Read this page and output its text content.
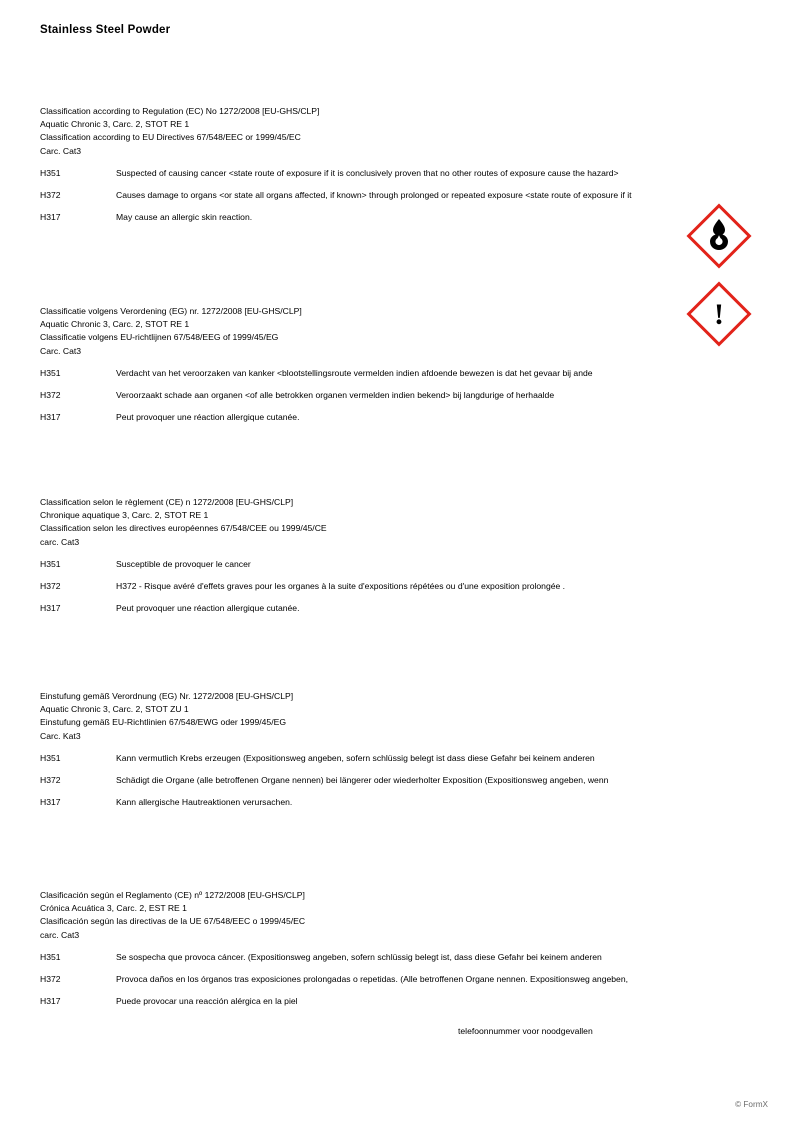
Stainless Steel Powder
Classification according to Regulation (EC) No 1272/2008 [EU-GHS/CLP]
Aquatic Chronic 3, Carc. 2, STOT RE 1
Classification according to EU Directives 67/548/EEC or 1999/45/EC
Carc. Cat3
H351	Suspected of causing cancer <state route of exposure if it is conclusively proven that no other routes of exposure cause the hazard>
H372	Causes damage to organs <or state all organs affected, if known> through prolonged or repeated exposure <state route of exposure if it
H317	May cause an allergic skin reaction.
!
Classificatie volgens Verordening (EG) nr. 1272/2008 [EU-GHS/CLP]
Aquatic Chronic 3, Carc. 2, STOT RE 1
Classificatie volgens EU-richtlijnen 67/548/EEG of 1999/45/EG
Carc. Cat3
H351	Verdacht van het veroorzaken van kanker <blootstellingsroute vermelden indien afdoende bewezen is dat het gevaar bij andе
H372	Veroorzaakt schade aan organen <of alle betrokken organen vermelden indien bekend> bij langdurige of herhaalde
H317	Peut provoquer une réaction allergique cutanée.
Classification selon le règlement (CE) n 1272/2008 [EU-GHS/CLP]
Chronique aquatique 3, Carc. 2, STOT RE 1
Classification selon les directives européennes 67/548/CEE ou 1999/45/CE
carc. Cat3
H351	Susceptible de provoquer le cancer
H372	H372 - Risque avéré d'effets graves pour les organes à la suite d'expositions répétées ou d'une exposition prolongée .
H317	Peut provoquer une réaction allergique cutanée.
Einstufung gemäß Verordnung (EG) Nr. 1272/2008 [EU-GHS/CLP]
Aquatic Chronic 3, Carc. 2, STOT ZU 1
Einstufung gemäß EU-Richtlinien 67/548/EWG oder 1999/45/EG
Carc. Kat3
H351	Kann vermutlich Krebs erzeugen (Expositionsweg angeben, sofern schlüssig belegt ist dass diese Gefahr bei keinem anderen
H372	Schädigt die Organe (alle betroffenen Organe nennen) bei längerer oder wiederholter Exposition (Expositionsweg angeben, wenn
H317	Kann allergische Hautreaktionen verursachen.
Clasificación según el Reglamento (CE) nº 1272/2008 [EU-GHS/CLP]
Crónica Acuática 3, Carc. 2, EST RE 1
Clasificación según las directivas de la UE 67/548/EEC o 1999/45/EC
carc. Cat3
H351	Se sospecha que provoca cáncer. (Expositionsweg angeben, sofern schlüssig belegt ist, dass diese Gefahr bei keinem anderen
H372	Provoca daños en los órganos tras exposiciones prolongadas o repetidas. (Alle betroffenen Organe nennen. Expositionsweg angeben,
H317	Puede provocar una reacción alérgica en la piel
telefoonnummer voor noodgevallen
© FormX
